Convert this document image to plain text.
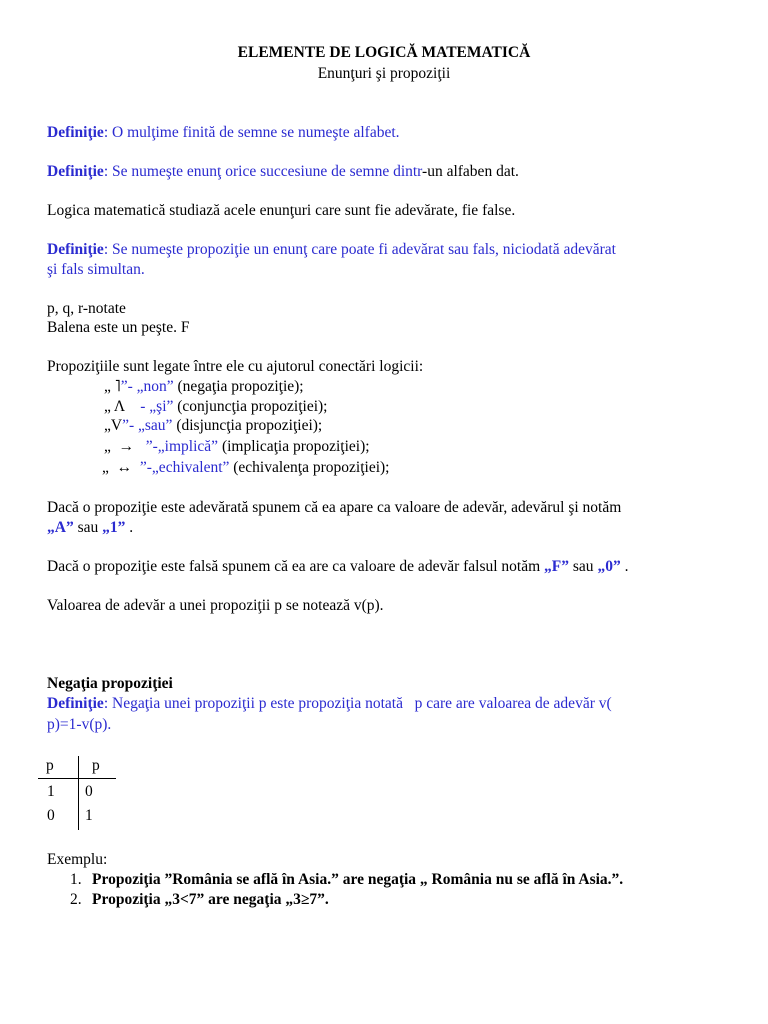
ELEMENTE DE LOGICĂ MATEMATICĂ
Enunţuri şi propoziţii
Definiţie: O mulţime finită de semne se numeşte alfabet.
Definiţie: Se numeşte enunţ orice succesiune de semne dintr-un alfaben dat.
Logica matematică studiază acele enunţuri care sunt fie adevărate, fie false.
Definiţie: Se numeşte propoziţie un enunţ care poate fi adevărat sau fals, niciodată adevărat
şi fals simultan.
p, q, r-notate
Balena este un peşte. F
Propoziţiile sunt legate între ele cu ajutorul conectări logicii:
„ ˥”- „non” (negaţia propoziţie);
„ Λ    - „şi” (conjuncţia propoziţiei);
„V”- „sau” (disjuncţia propoziţiei);
„  →   ”-„implică” (implicaţia propoziţiei);
„  ↔  ”-„echivalent” (echivalenţa propoziţiei);
Dacă o propoziţie este adevărată spunem că ea apare ca valoare de adevăr, adevărul şi notăm
„A” sau „1” .
Dacă o propoziţie este falsă spunem că ea are ca valoare de adevăr falsul notăm „F” sau „0” .
Valoarea de adevăr a unei propoziţii p se notează v(p).
Negaţia propoziţiei
Definiţie: Negaţia unei propoziţii p este propoziţia notată   p care are valoarea de adevăr v(
p)=1-v(p).
p p
1 0
0 1
Exemplu:
1. Propoziţia ”România se află în Asia.” are negaţia „ România nu se află în Asia.”.
2. Propoziţia „3<7” are negaţia „3≥7”.
